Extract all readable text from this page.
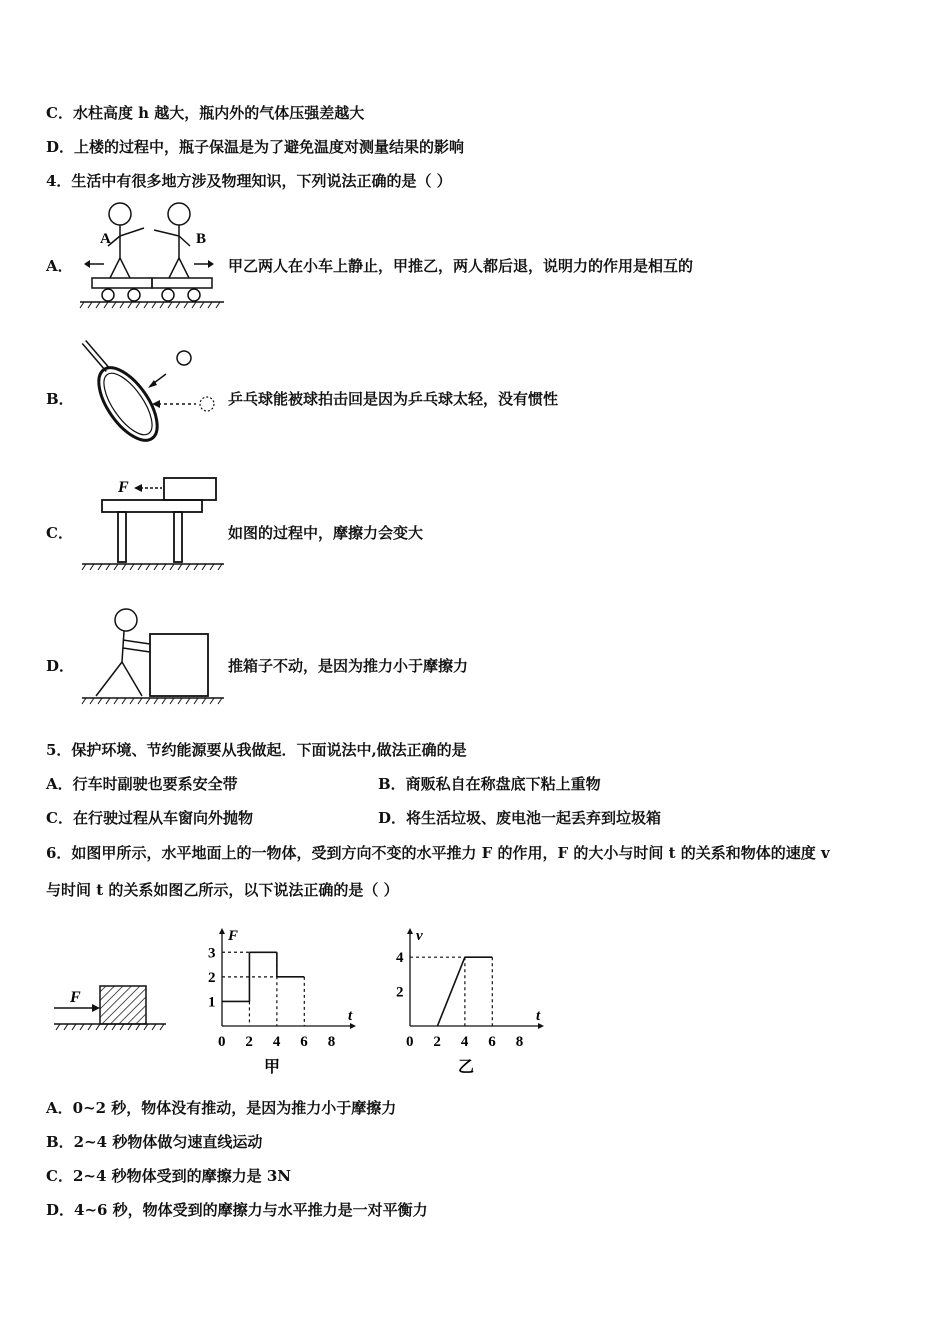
C．水柱高度 h 越大，瓶内外的气体压强差越大
D．上楼的过程中，瓶子保温是为了避免温度对测量结果的影响
4．生活中有很多地方涉及物理知识，下列说法正确的是（ ）
A．
A	B
甲乙两人在小车上静止，甲推乙，两人都后退，说明力的作用是相互的
B．	乒乓球能被球拍击回是因为乒乓球太轻，没有惯性
C．
F
如图的过程中，摩擦力会变大
D．	推箱子不动，是因为推力小于摩擦力
5．保护环境、节约能源要从我做起．下面说法中,做法正确的是
A．行车时副驶也要系安全带	B．商贩私自在称盘底下粘上重物
C．在行驶过程从车窗向外抛物	D．将生活垃圾、废电池一起丢弃到垃圾箱
6．如图甲所示，水平地面上的一物体，受到方向不变的水平推力 F 的作用，F 的大小与时间 t 的关系和物体的速度 v
与时间 t 的关系如图乙所示，以下说法正确的是（ ）
F
t
F
0 2 4 6 8
1
2
3
甲
t
v
0 2 4 6 8
2
4
乙
A．0~2 秒，物体没有推动，是因为推力小于摩擦力
B．2~4 秒物体做匀速直线运动
C．2~4 秒物体受到的摩擦力是 3N
D．4~6 秒，物体受到的摩擦力与水平推力是一对平衡力
